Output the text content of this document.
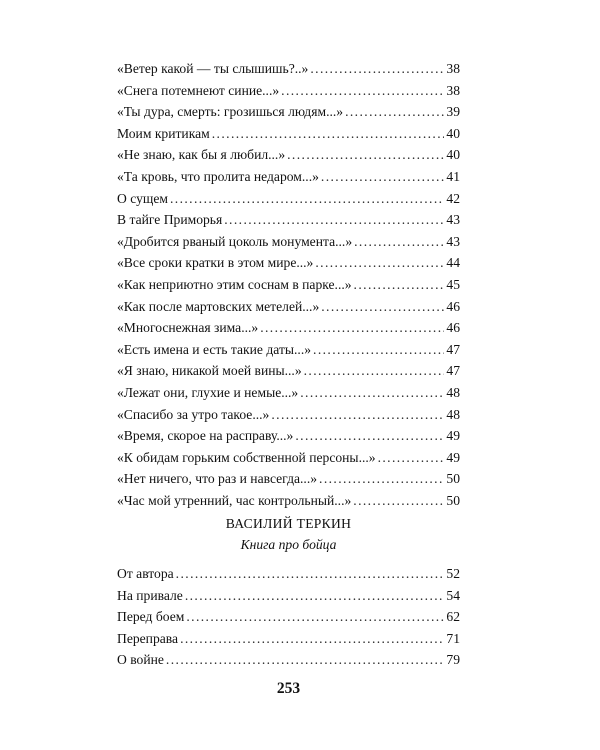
«Ветер какой — ты слышишь?..» . . .	38
«Снега потемнеют синие...» . . .	38
«Ты дура, смерть: грозишься людям...» . . .	39
Моим критикам . . .	40
«Не знаю, как бы я любил...» . . .	40
«Та кровь, что пролита недаром...» . . .	41
О сущем . . .	42
В тайге Приморья . . .	43
«Дробится рваный цоколь монумента...» . . .	43
«Все сроки кратки в этом мире...» . . .	44
«Как неприютно этим соснам в парке...» . . .	45
«Как после мартовских метелей...» . . .	46
«Многоснежная зима...» . . .	46
«Есть имена и есть такие даты...» . . .	47
«Я знаю, никакой моей вины...» . . .	47
«Лежат они, глухие и немые...» . . .	48
«Спасибо за утро такое...» . . .	48
«Время, скорое на расправу...» . . .	49
«К обидам горьким собственной персоны...» . . .	49
«Нет ничего, что раз и навсегда...» . . .	50
«Час мой утренний, час контрольный...» . . .	50
ВАСИЛИЙ ТЕРКИН

Книга про бойца

От автора . . .	52
На привале . . .	54
Перед боем . . .	62
Переправа . . .	71
О войне . . .	79
253
